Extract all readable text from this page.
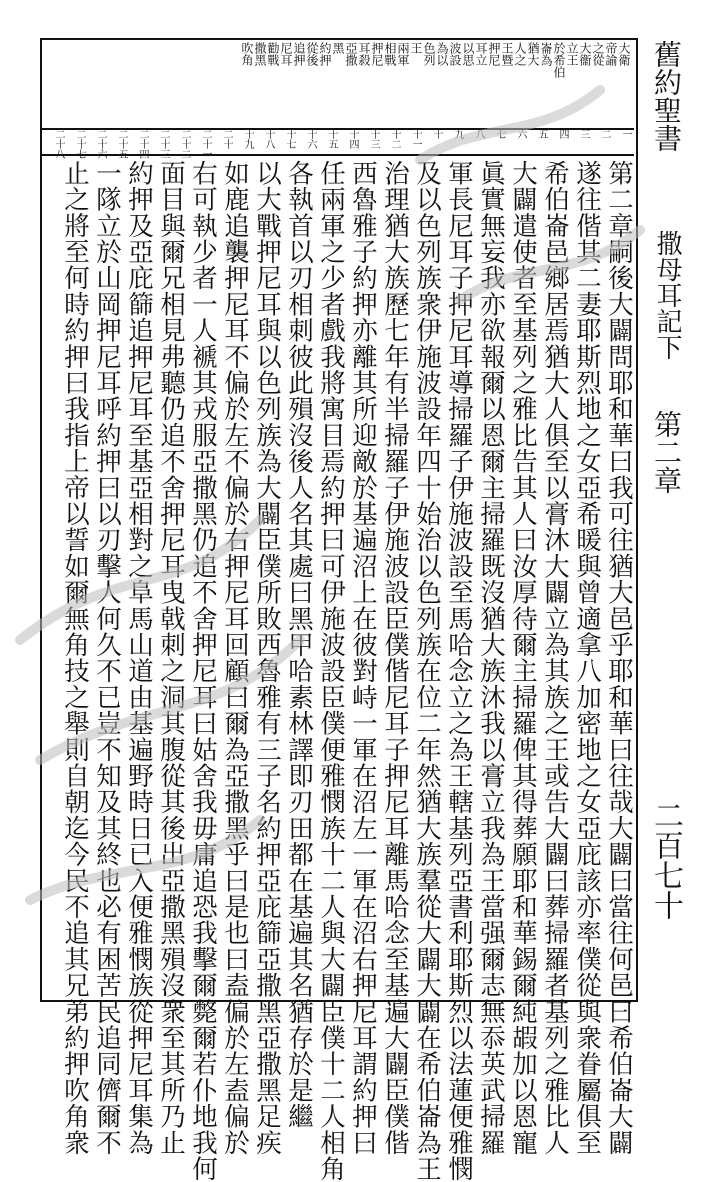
大衛
帝諭
之從
大衞
立王
於希伯
崙為
猶大
人之
王暨
押尼
耳立
以思
波設
為以
色列
王
兩軍
相戰
押尼
耳殺
亞撒
黑
約押
從後
追押
尼耳
勸戰
撒黑
吹角
一
二
三
四
五
六
七
八
九
十
十一
十二
十三
十四
十五
十六
十七
十八
十九
二十
二十一
二十二
二十三
二十四
二十五
二十六
二十七
二十八	舊約聖書
撒母耳記下
第二章
二百七十
第二章嗣後大闢問耶和華曰我可往猶大邑乎耶和華曰往哉大闢曰當往何邑曰希伯崙大闢
遂往偕其二妻耶斯烈地之女亞希暖與曾適拿八加密地之女亞庇該亦率僕從與衆眷屬俱至
希伯崙邑鄉居焉猶大人俱至以膏沐大闢立為其族之王或告大闢曰葬掃羅者基列之雅比人
大闢遣使者至基列之雅比告其人曰汝厚待爾主掃羅俾其得葬願耶和華錫爾純嘏加以恩寵
眞實無妄我亦欲報爾以恩爾主掃羅既沒猶大族沐我以膏立我為王當强爾志無忝英武掃羅
軍長尼耳子押尼耳導掃羅子伊施波設至馬哈念立之為王轄基列亞書利耶斯烈以法蓮便雅憫
及以色列族衆伊施波設年四十始治以色列族在位二年然猶大族羣從大闢大闢在希伯崙為王
治理猶大族歷七年有半掃羅子伊施波設臣僕偕尼耳子押尼耳離馬哈念至基遍大闢臣僕偕
西魯雅子約押亦離其所迎敵於基遍沼上在彼對峙一軍在沼左一軍在沼右押尼耳謂約押曰
任兩軍之少者戲我將寓目焉約押曰可伊施波設臣僕便雅憫族十二人與大闢臣僕十二人相角
各執首以刃相刺彼此殞沒後人名其處曰黑甲哈素林譯即刃田都在基遍其名猶存於是繼
以大戰押尼耳與以色列族為大闢臣僕所敗西魯雅有三子名約押亞庇篩亞撒黑亞撒黑足疾
如鹿追襲押尼耳不偏於左不偏於右押尼耳回顧曰爾為亞撒黑乎曰是也曰盍偏於左盍偏於
右可執少者一人褫其戎服亞撒黑仍追不舍押尼耳曰姑舍我毋庸追恐我擊爾斃爾若仆地我何
面目與爾兄相見弗聽仍追不舍押尼耳曳戟刺之洞其腹從其後出亞撒黑殞沒衆至其所乃止
約押及亞庇篩追押尼耳至基亞相對之阜馬山道由基遍野時日已入便雅憫族從押尼耳集為
一隊立於山岡押尼耳呼約押曰以刃擊人何久不已豈不知及其終也必有困苦民追同儕爾不
止之將至何時約押曰我指上帝以誓如爾無角技之舉則自朝迄今民不追其兄弟約押吹角衆
